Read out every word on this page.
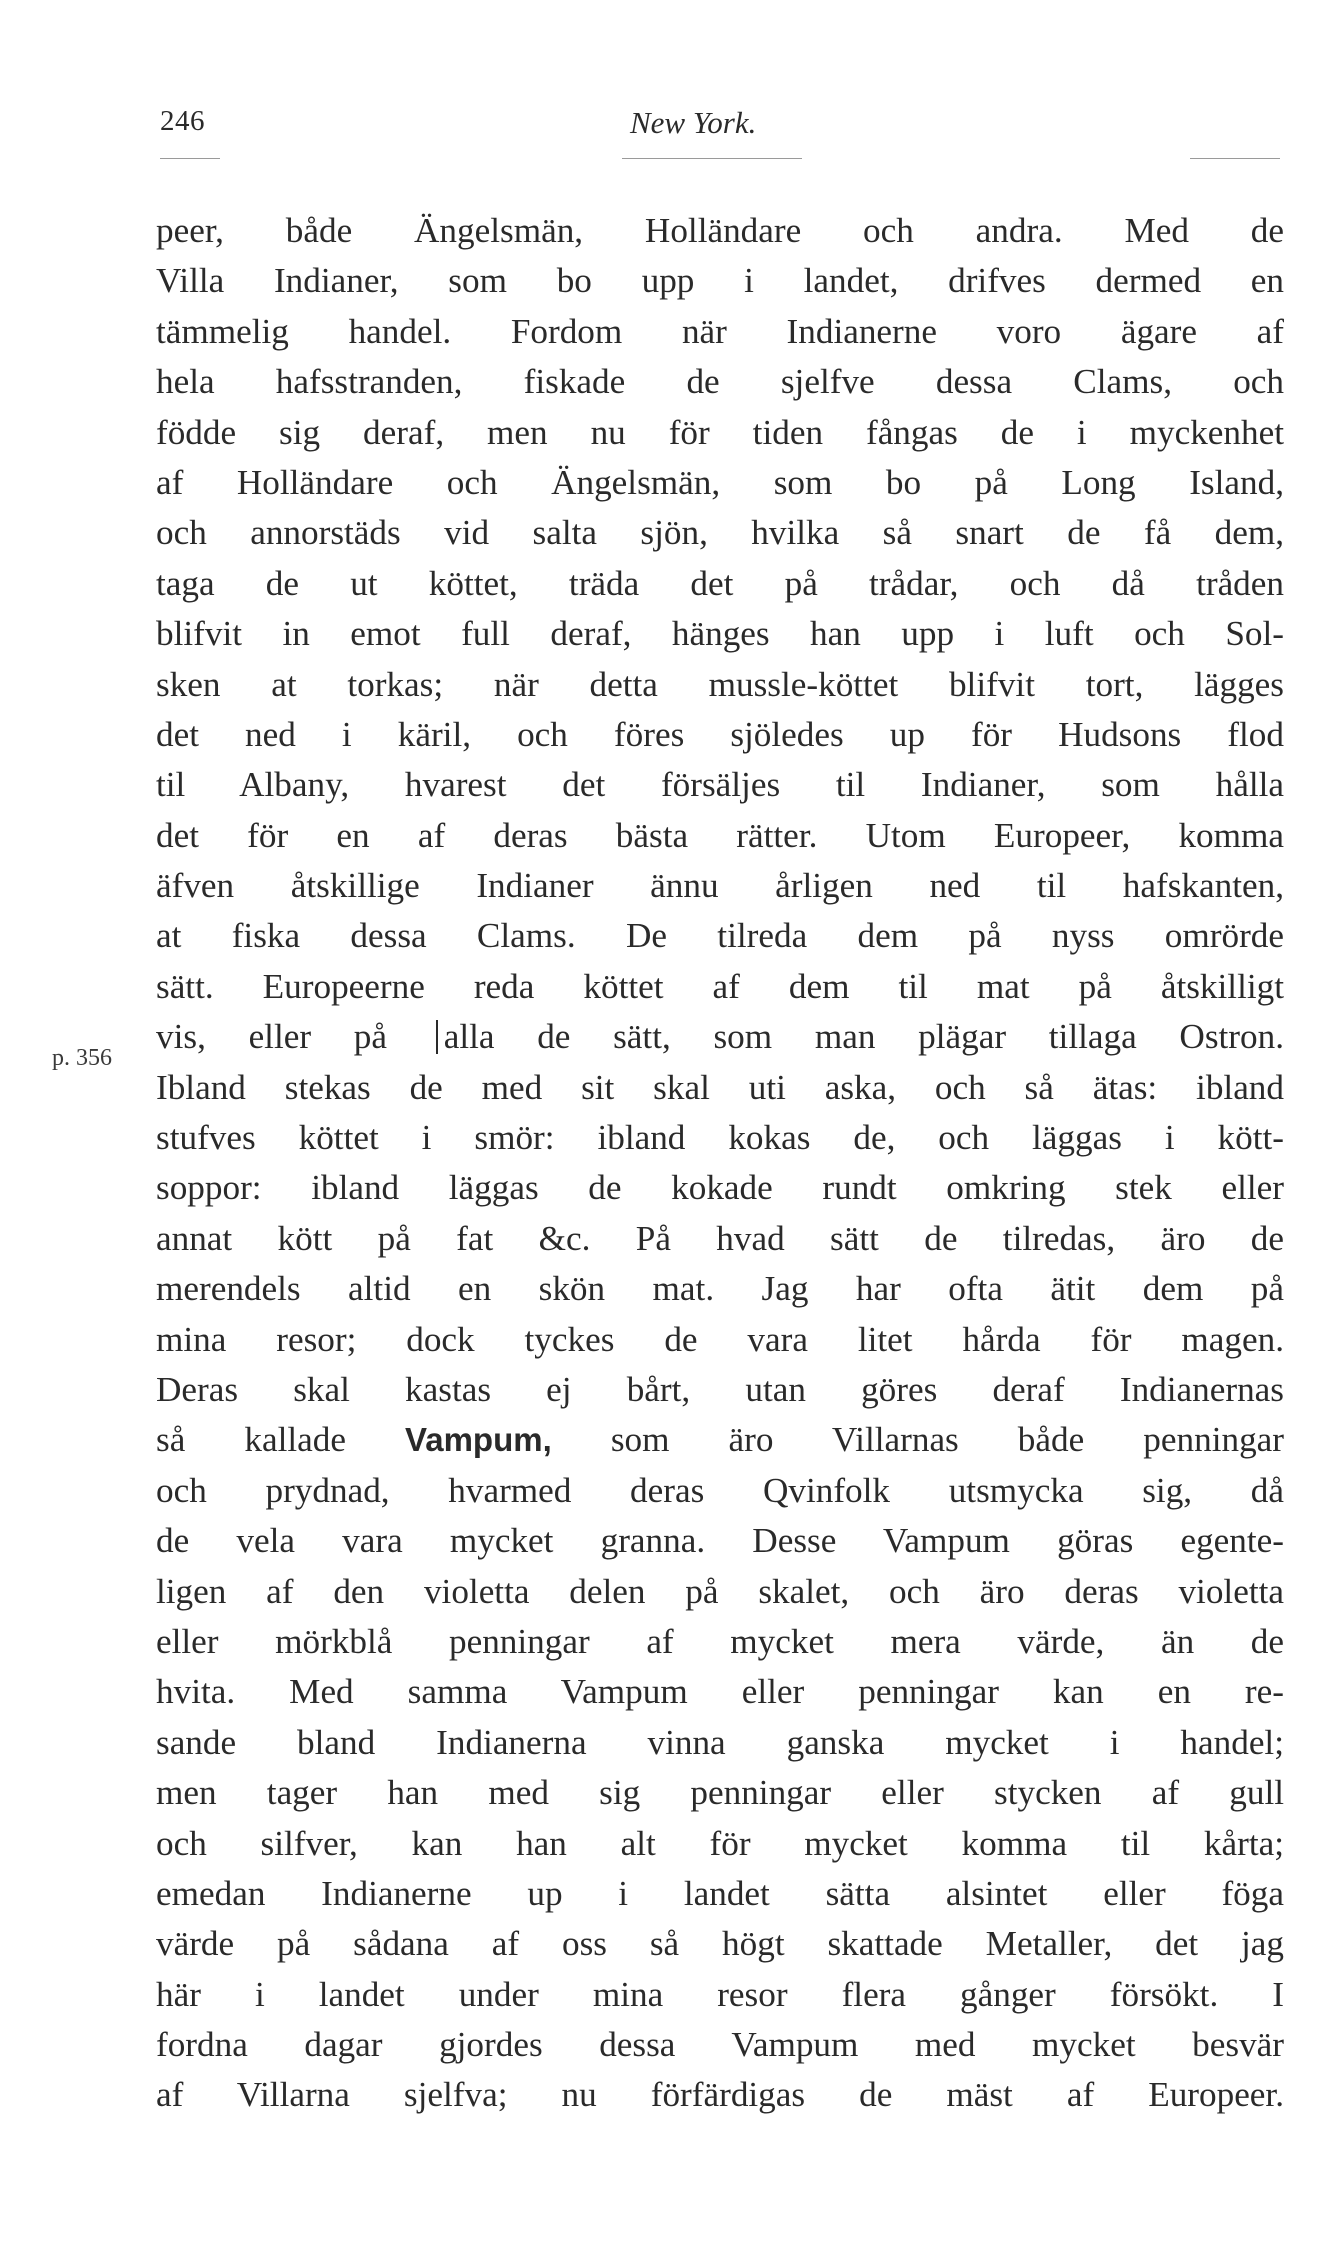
246	New York.
p. 356
peer, både Ängelsmän, Holländare och andra. Med de
Villa Indianer, som bo upp i landet, drifves dermed en
tämmelig handel. Fordom när Indianerne voro ägare af
hela hafsstranden, fiskade de sjelfve dessa Clams, och
födde sig deraf, men nu för tiden fångas de i myckenhet
af Holländare och Ängelsmän, som bo på Long Island,
och annorstäds vid salta sjön, hvilka så snart de få dem,
taga de ut köttet, träda det på trådar, och då tråden
blifvit in emot full deraf, hänges han upp i luft och Sol-
sken at torkas; när detta mussle-köttet blifvit tort, lägges
det ned i käril, och föres sjöledes up för Hudsons flod
til Albany, hvarest det försäljes til Indianer, som hålla
det för en af deras bästa rätter. Utom Europeer, komma
äfven åtskillige Indianer ännu årligen ned til hafskanten,
at fiska dessa Clams. De tilreda dem på nyss omrörde
sätt. Europeerne reda köttet af dem til mat på åtskilligt
vis, eller på alla de sätt, som man plägar tillaga Ostron.
Ibland stekas de med sit skal uti aska, och så ätas: ibland
stufves köttet i smör: ibland kokas de, och läggas i kött-
soppor: ibland läggas de kokade rundt omkring stek eller
annat kött på fat &c. På hvad sätt de tilredas, äro de
merendels altid en skön mat. Jag har ofta ätit dem på
mina resor; dock tyckes de vara litet hårda för magen.
Deras skal kastas ej bårt, utan göres deraf Indianernas
så kallade Vampum, som äro Villarnas både penningar
och prydnad, hvarmed deras Qvinfolk utsmycka sig, då
de vela vara mycket granna. Desse Vampum göras egente-
ligen af den violetta delen på skalet, och äro deras violetta
eller mörkblå penningar af mycket mera värde, än de
hvita. Med samma Vampum eller penningar kan en re-
sande bland Indianerna vinna ganska mycket i handel;
men tager han med sig penningar eller stycken af gull
och silfver, kan han alt för mycket komma til kårta;
emedan Indianerne up i landet sätta alsintet eller föga
värde på sådana af oss så högt skattade Metaller, det jag
här i landet under mina resor flera gånger försökt. I
fordna dagar gjordes dessa Vampum med mycket besvär
af Villarna sjelfva; nu förfärdigas de mäst af Europeer.
